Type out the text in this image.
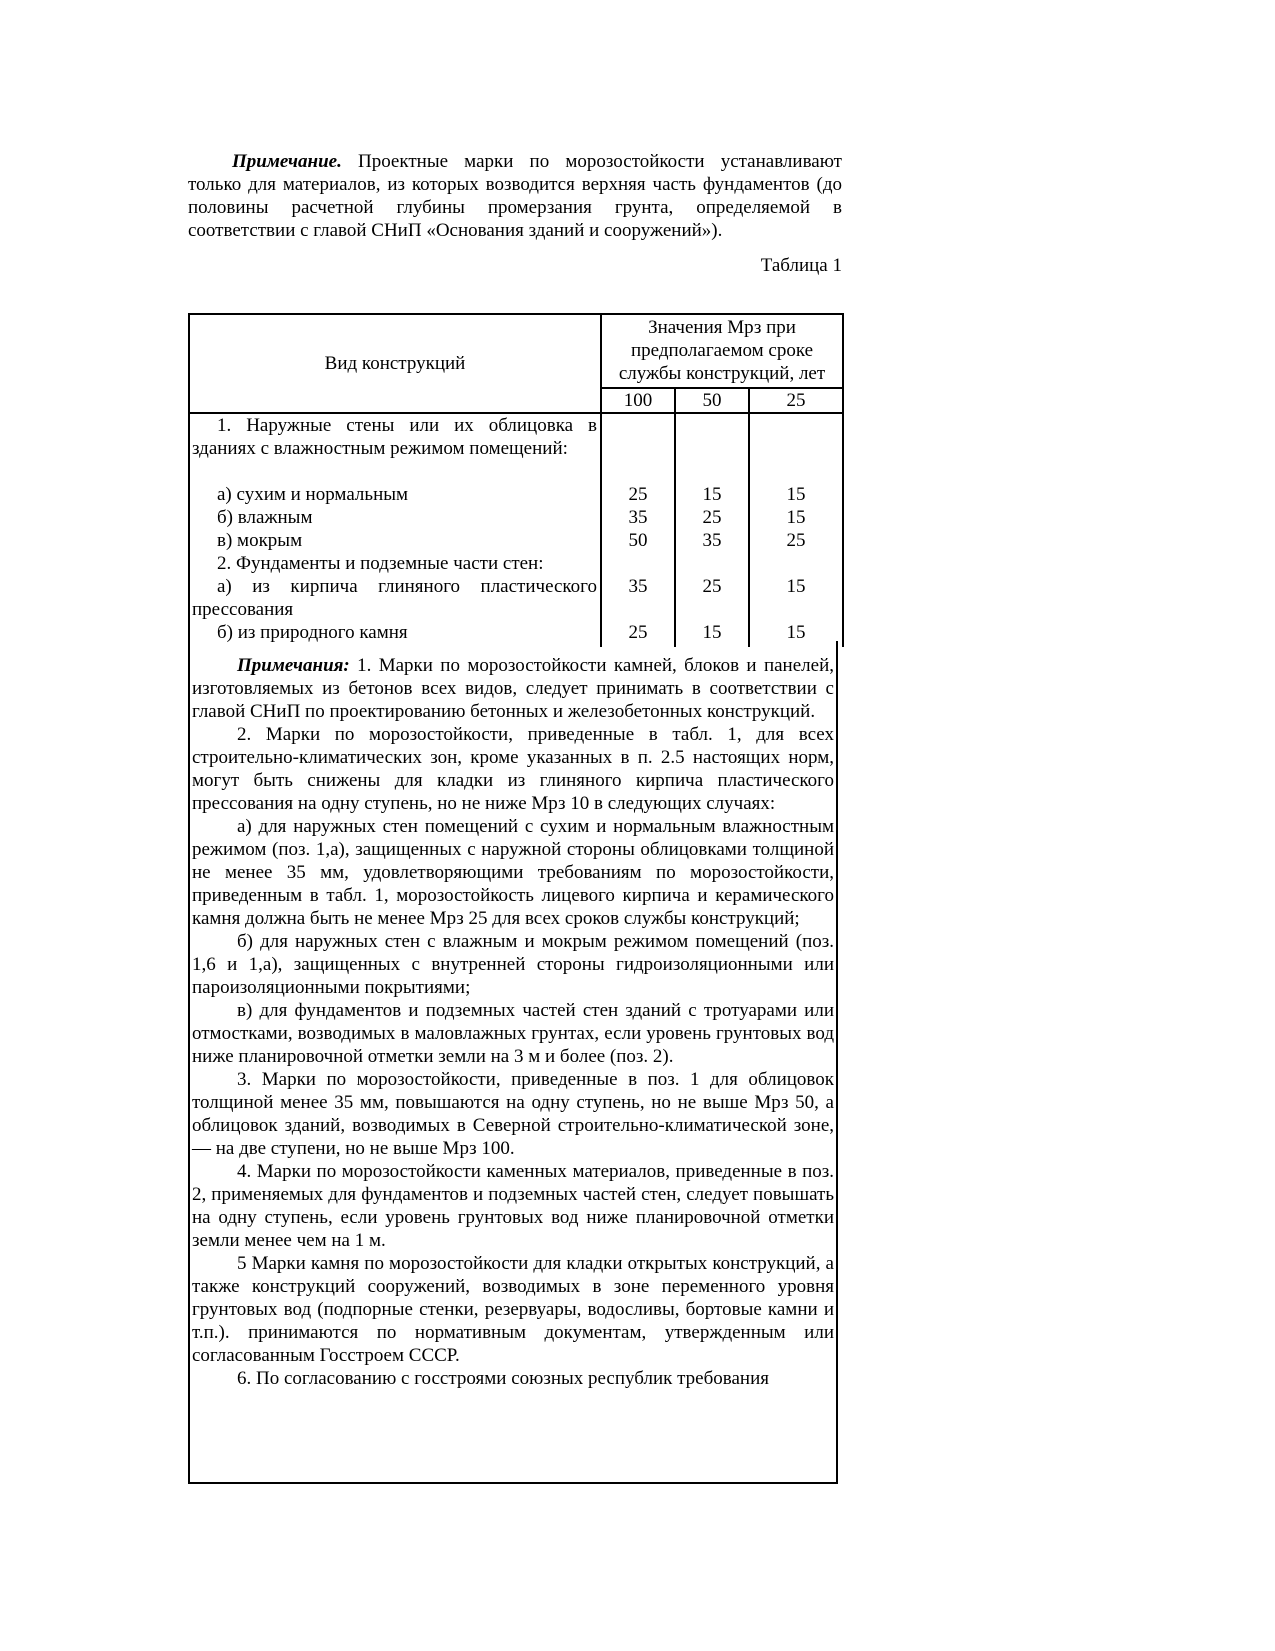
Примечание. Проектные марки по морозостойкости устанавливают только для материалов, из которых возводится верхняя часть фундаментов (до половины расчетной глубины промерзания грунта, определяемой в соответствии с главой СНиП «Основания зданий и сооружений»).

Таблица 1

Вид конструкций	Значения Мрз при предполагаемом сроке службы конструкций, лет		
	100	50	25

1. Наружные стены или их облицовка в зданиях с влажностным режимом помещений:			

а) сухим и нормальным	25	15	15

б) влажным	35	25	15

в) мокрым	50	35	25

2. Фундаменты и подземные части стен:			

а) из кирпича глиняного пластического прессования	35	25	15

б) из природного камня	25	15	15

Примечания: 1. Марки по морозостойкости камней, блоков и панелей, изготовляемых из бетонов всех видов, следует принимать в соответствии с главой СНиП по проектированию бетонных и железобетонных конструкций.

2. Марки по морозостойкости, приведенные в табл. 1, для всех строительно-климатических зон, кроме указанных в п. 2.5 настоящих норм, могут быть снижены для кладки из глиняного кирпича пластического прессования на одну ступень, но не ниже Мрз 10 в следующих случаях:

а) для наружных стен помещений с сухим и нормальным влажностным режимом (поз. 1,а), защищенных с наружной стороны облицовками толщиной не менее 35 мм, удовлетворяющими требованиям по морозостойкости, приведенным в табл. 1, морозостойкость лицевого кирпича и керамического камня должна быть не менее Мрз 25 для всех сроков службы конструкций;

б) для наружных стен с влажным и мокрым режимом помещений (поз. 1,6 и 1,а), защищенных с внутренней стороны гидроизоляционными или пароизоляционными покрытиями;

в) для фундаментов и подземных частей стен зданий с тротуарами или отмостками, возводимых в маловлажных грунтах, если уровень грунтовых вод ниже планировочной отметки земли на 3 м и более (поз. 2).

3. Марки по морозостойкости, приведенные в поз. 1 для облицовок толщиной менее 35 мм, повышаются на одну ступень, но не выше Мрз 50, а облицовок зданий, возводимых в Северной строительно-климатической зоне, — на две ступени, но не выше Мрз 100.

4. Марки по морозостойкости каменных материалов, приведенные в поз. 2, применяемых для фундаментов и подземных частей стен, следует повышать на одну ступень, если уровень грунтовых вод ниже планировочной отметки земли менее чем на 1 м.

5 Марки камня по морозостойкости для кладки открытых конструкций, а также конструкций сооружений, возводимых в зоне переменного уровня грунтовых вод (подпорные стенки, резервуары, водосливы, бортовые камни и т.п.). принимаются по нормативным документам, утвержденным или согласованным Госстроем СССР.

6. По согласованию с госстроями союзных республик требования
